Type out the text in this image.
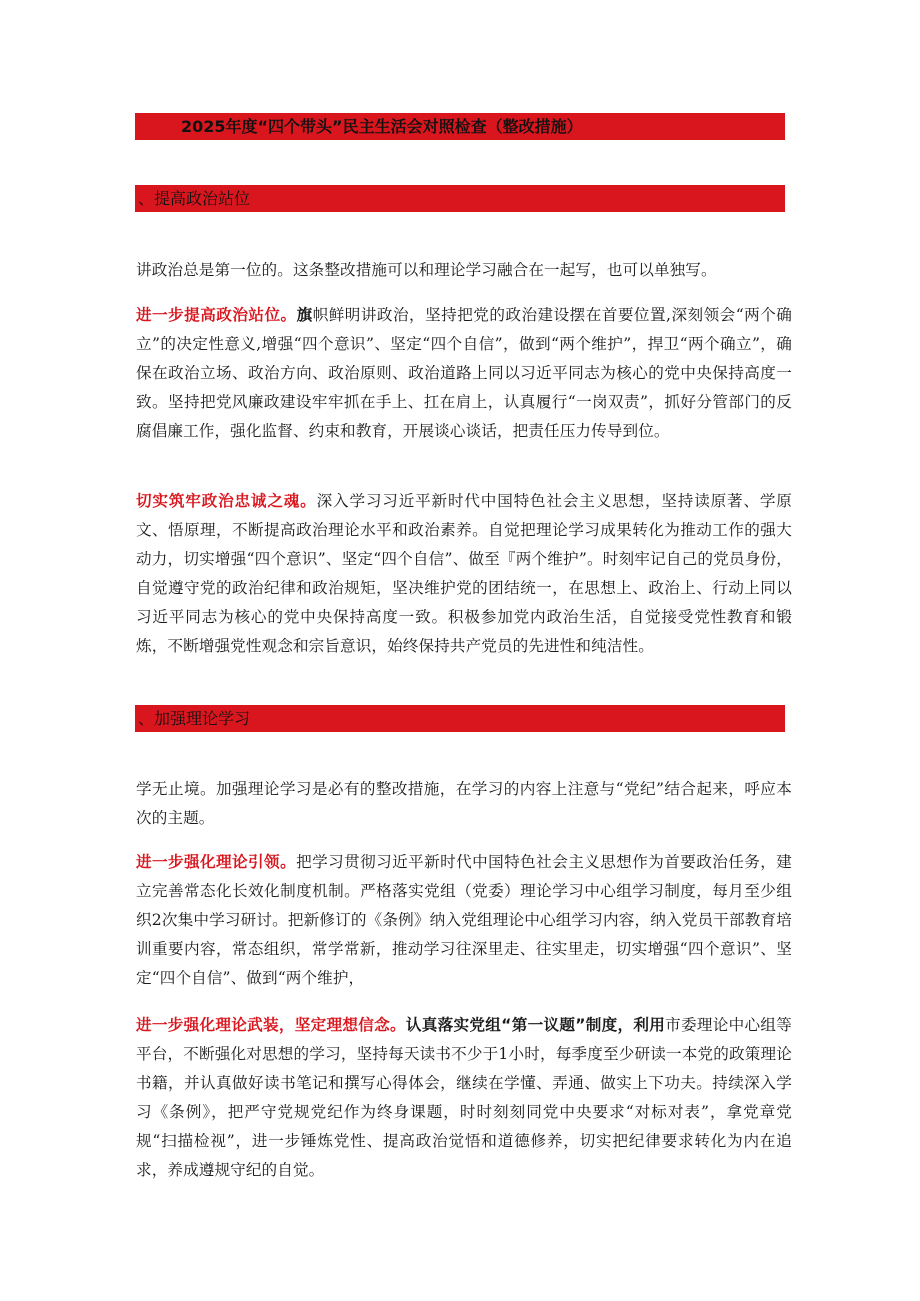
2025年度“四个带头”民主生活会对照检查（整改措施）
、提高政治站位

讲政治总是第一位的。这条整改措施可以和理论学习融合在一起写，也可以单独写。

进一步提高政治站位。旗帜鲜明讲政治，坚持把党的政治建设摆在首要位置,深刻领会“两个确立”的决定性意义,增强“四个意识”、坚定“四个自信”，做到“两个维护”，捍卫“两个确立”，确保在政治立场、政治方向、政治原则、政治道路上同以习近平同志为核心的党中央保持高度一致。坚持把党风廉政建设牢牢抓在手上、扛在肩上，认真履行“一岗双责”，抓好分管部门的反腐倡廉工作，强化监督、约束和教育，开展谈心谈话，把责任压力传导到位。

切实筑牢政治忠诚之魂。深入学习习近平新时代中国特色社会主义思想，坚持读原著、学原文、悟原理，不断提高政治理论水平和政治素养。自觉把理论学习成果转化为推动工作的强大动力，切实增强“四个意识”、坚定“四个自信”、做至『两个维护”。时刻牢记自己的党员身份，自觉遵守党的政治纪律和政治规矩，坚决维护党的团结统一，在思想上、政治上、行动上同以习近平同志为核心的党中央保持高度一致。积极参加党内政治生活，自觉接受党性教育和锻炼，不断增强党性观念和宗旨意识，始终保持共产党员的先进性和纯洁性。

、加强理论学习

学无止境。加强理论学习是必有的整改措施，在学习的内容上注意与“党纪”结合起来，呼应本次的主题。

进一步强化理论引领。把学习贯彻习近平新时代中国特色社会主义思想作为首要政治任务，建立完善常态化长效化制度机制。严格落实党组（党委）理论学习中心组学习制度，每月至少组织2次集中学习研讨。把新修订的《条例》纳入党组理论中心组学习内容，纳入党员干部教育培训重要内容，常态组织，常学常新，推动学习往深里走、往实里走，切实增强“四个意识”、坚定“四个自信”、做到“两个维护，

进一步强化理论武装，坚定理想信念。认真落实党组“第一议题”制度，利用市委理论中心组等平台，不断强化对思想的学习，坚持每天读书不少于1小时，每季度至少研读一本党的政策理论书籍，并认真做好读书笔记和撰写心得体会，继续在学懂、弄通、做实上下功夫。持续深入学习《条例》，把严守党规党纪作为终身课题，时时刻刻同党中央要求“对标对表”，拿党章党规“扫描检视”，进一步锤炼党性、提高政治觉悟和道德修养，切实把纪律要求转化为内在追求，养成遵规守纪的自觉。
